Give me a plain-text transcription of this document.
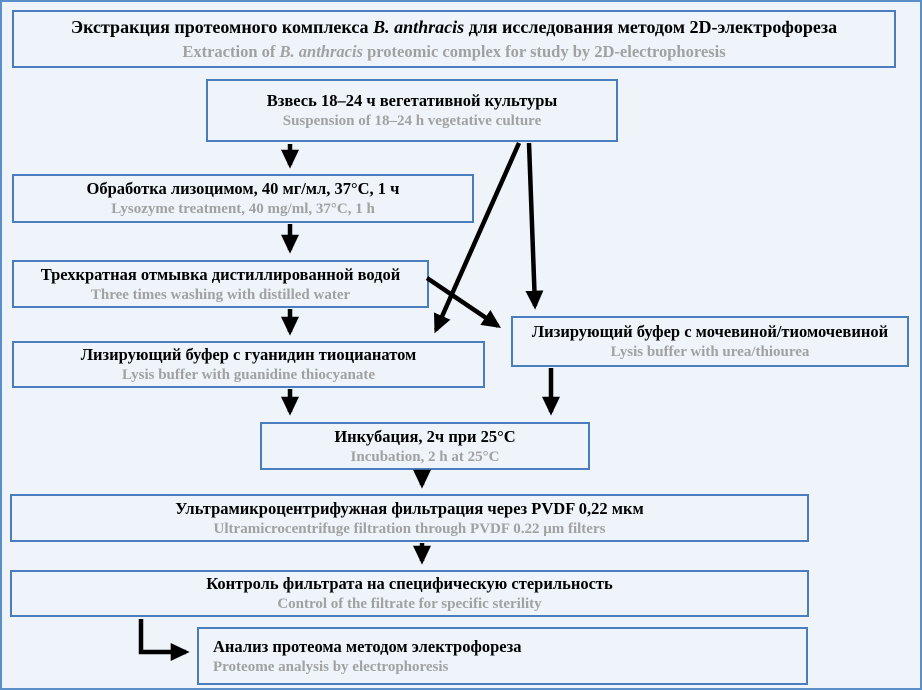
Экстракция протеомного комплекса B. anthracis для исследования методом 2D-электрофореза
Extraction of B. anthracis proteomic complex for study by 2D-electrophoresis
Взвесь 18–24 ч вегетативной культуры
Suspension of 18–24 h vegetative culture
Обработка лизоцимом, 40 мг/мл, 37°C, 1 ч
Lysozyme treatment, 40 mg/ml, 37°C, 1 h
Трехкратная отмывка дистиллированной водой
Three times washing with distilled water
Лизирующий буфер с гуанидин тиоцианатом
Lysis buffer with guanidine thiocyanate
Лизирующий буфер с мочевиной/тиомочевиной
Lysis buffer with urea/thiourea
Инкубация, 2ч при 25°C
Incubation, 2 h at 25°C
Ультрамикроцентрифужная фильтрация через PVDF 0,22 мкм
Ultramicrocentrifuge filtration through PVDF 0.22 μm filters
Контроль фильтрата на специфическую стерильность
Control of the filtrate for specific sterility
Анализ протеома методом электрофореза
Proteome analysis by electrophoresis
